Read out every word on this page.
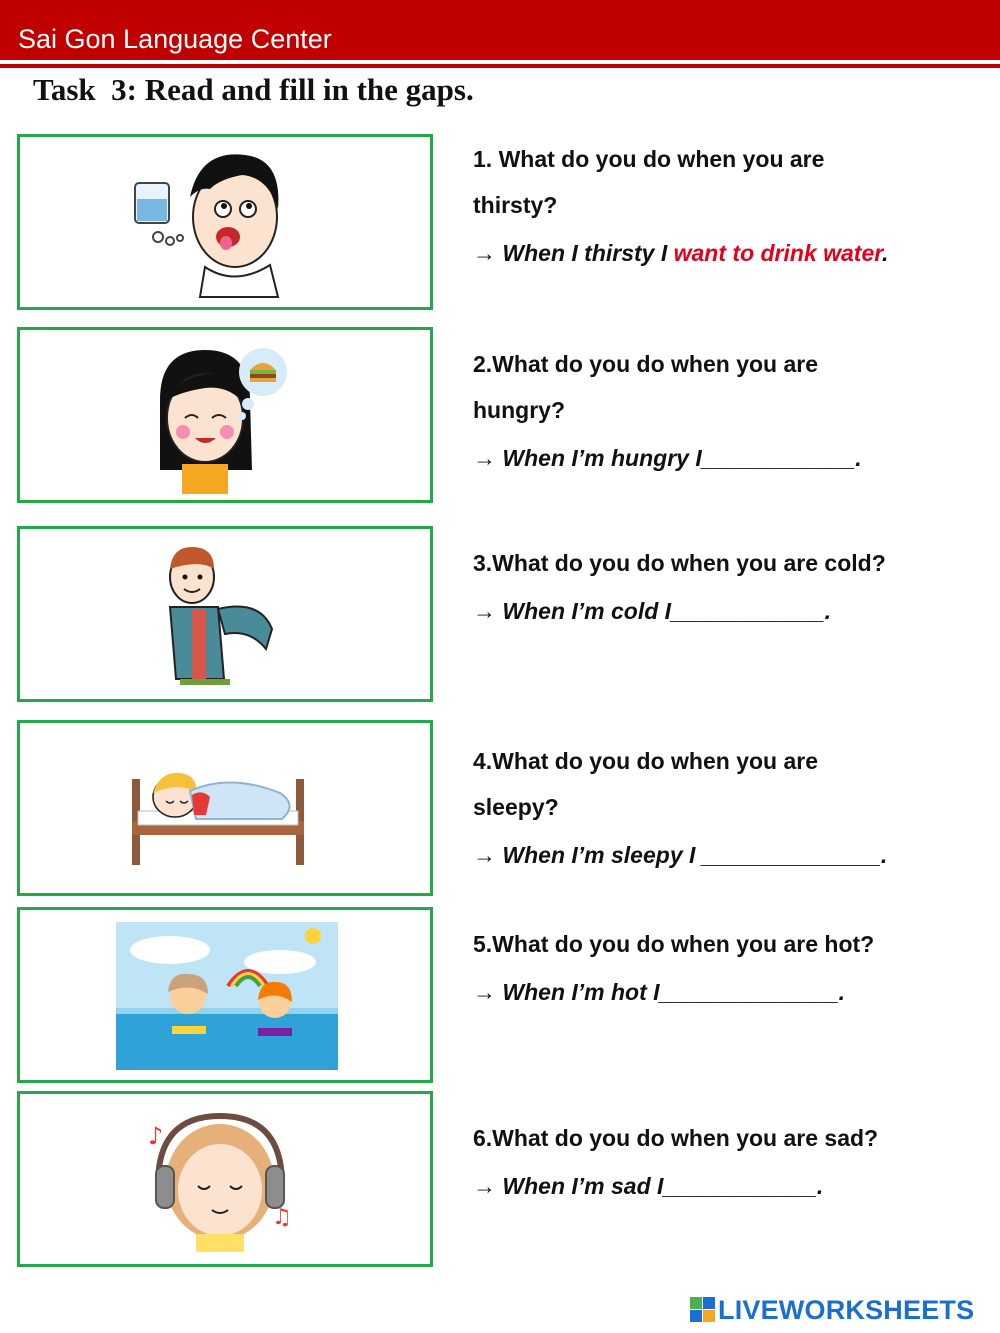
Sai Gon Language Center
Task  3: Read and fill in the gaps.
♪
♫
1. What do you do when you are thirsty?
→ When I thirsty I want to drink water.
2.What do you do when you are hungry?
→ When I’m hungry I____________.
3.What do you do when you are cold?
→ When I’m cold I____________.
4.What do you do when you are sleepy?
→ When I’m sleepy I ______________.
5.What do you do when you are hot?
→ When I’m hot I______________.
6.What do you do when you are sad?
→ When I’m sad I____________.
LIVEWORKSHEETS
